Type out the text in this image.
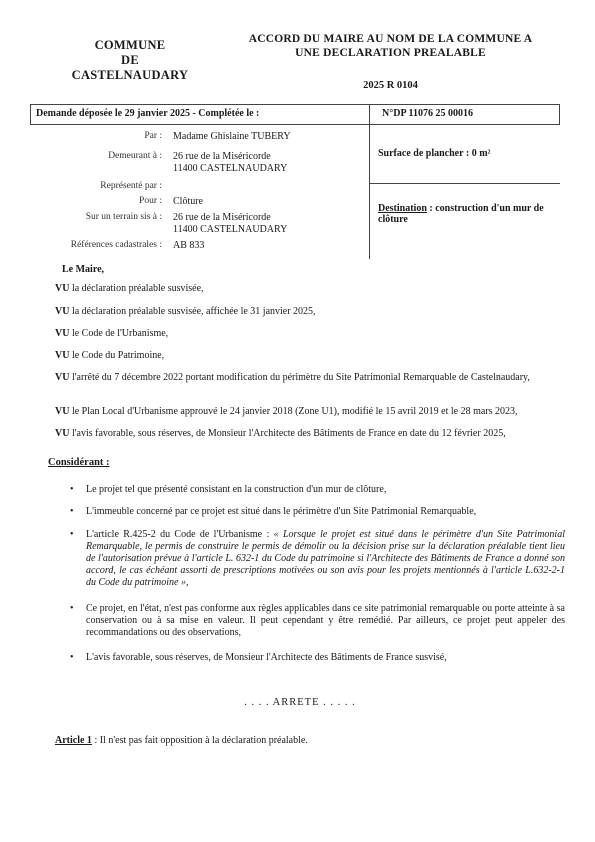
COMMUNE
DE
CASTELNAUDARY
ACCORD DU MAIRE AU NOM DE LA COMMUNE A
UNE DECLARATION PREALABLE
2025 R 0104
Demande déposée le 29 janvier 2025 - Complétée le :	N°DP 11076 25 00016
Par : Madame Ghislaine TUBERY
Demeurant à : 26 rue de la Miséricorde
11400 CASTELNAUDARY
Représenté par :
Pour : Clôture
Sur un terrain sis à : 26 rue de la Miséricorde
11400 CASTELNAUDARY
Références cadastrales : AB 833
Surface de plancher : 0 m²
Destination : construction d'un mur de clôture
Le Maire,
VU la déclaration préalable susvisée,
VU la déclaration préalable susvisée, affichée le 31 janvier 2025,
VU le Code de l'Urbanisme,
VU le Code du Patrimoine,
VU l'arrêté du 7 décembre 2022 portant modification du périmètre du Site Patrimonial Remarquable de Castelnaudary,
VU le Plan Local d'Urbanisme approuvé le 24 janvier 2018 (Zone U1), modifié le 15 avril 2019 et le 28 mars 2023,
VU l'avis favorable, sous réserves, de Monsieur l'Architecte des Bâtiments de France en date du 12 février 2025,
Considérant :
•	Le projet tel que présenté consistant en la construction d'un mur de clôture,
•	L'immeuble concerné par ce projet est situé dans le périmètre d'un Site Patrimonial Remarquable,
•	L'article R.425-2 du Code de l'Urbanisme : « Lorsque le projet est situé dans le périmètre d'un Site Patrimonial Remarquable, le permis de construire le permis de démolir ou la décision prise sur la déclaration préalable tient lieu de l'autorisation prévue à l'article L. 632-1 du Code du patrimoine si l'Architecte des Bâtiments de France a donné son accord, le cas échéant assorti de prescriptions motivées ou son avis pour les projets mentionnés à l'article L.632-2-1 du Code du patrimoine »,
•	Ce projet, en l'état, n'est pas conforme aux règles applicables dans ce site patrimonial remarquable ou porte atteinte à sa conservation ou à sa mise en valeur. Il peut cependant y être remédié. Par ailleurs, ce projet peut appeler des recommandations ou des observations,
•	L'avis favorable, sous réserves, de Monsieur l'Architecte des Bâtiments de France susvisé,
. . . . ARRETE . . . . .
Article 1 : Il n'est pas fait opposition à la déclaration préalable.
